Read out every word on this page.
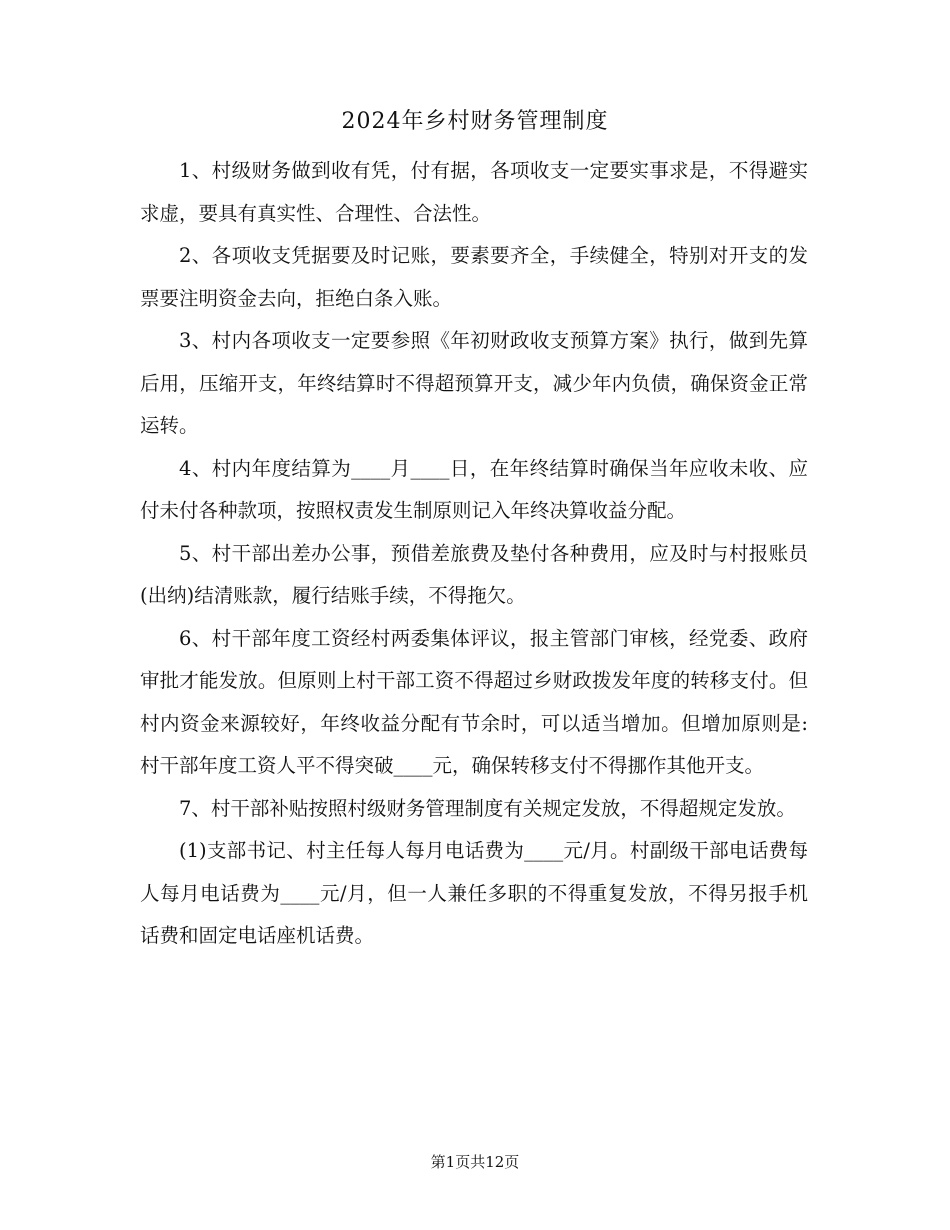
2024年乡村财务管理制度

1、村级财务做到收有凭，付有据，各项收支一定要实事求是，不得避实求虚，要具有真实性、合理性、合法性。

2、各项收支凭据要及时记账，要素要齐全，手续健全，特别对开支的发票要注明资金去向，拒绝白条入账。

3、村内各项收支一定要参照《年初财政收支预算方案》执行，做到先算后用，压缩开支，年终结算时不得超预算开支，减少年内负债，确保资金正常运转。

4、村内年度结算为____月____日，在年终结算时确保当年应收未收、应付未付各种款项，按照权责发生制原则记入年终决算收益分配。

5、村干部出差办公事，预借差旅费及垫付各种费用，应及时与村报账员(出纳)结清账款，履行结账手续，不得拖欠。

6、村干部年度工资经村两委集体评议，报主管部门审核，经党委、政府审批才能发放。但原则上村干部工资不得超过乡财政拨发年度的转移支付。但村内资金来源较好，年终收益分配有节余时，可以适当增加。但增加原则是:村干部年度工资人平不得突破____元，确保转移支付不得挪作其他开支。

7、村干部补贴按照村级财务管理制度有关规定发放，不得超规定发放。

(1)支部书记、村主任每人每月电话费为____元/月。村副级干部电话费每人每月电话费为____元/月，但一人兼任多职的不得重复发放，不得另报手机话费和固定电话座机话费。

第1页共12页
